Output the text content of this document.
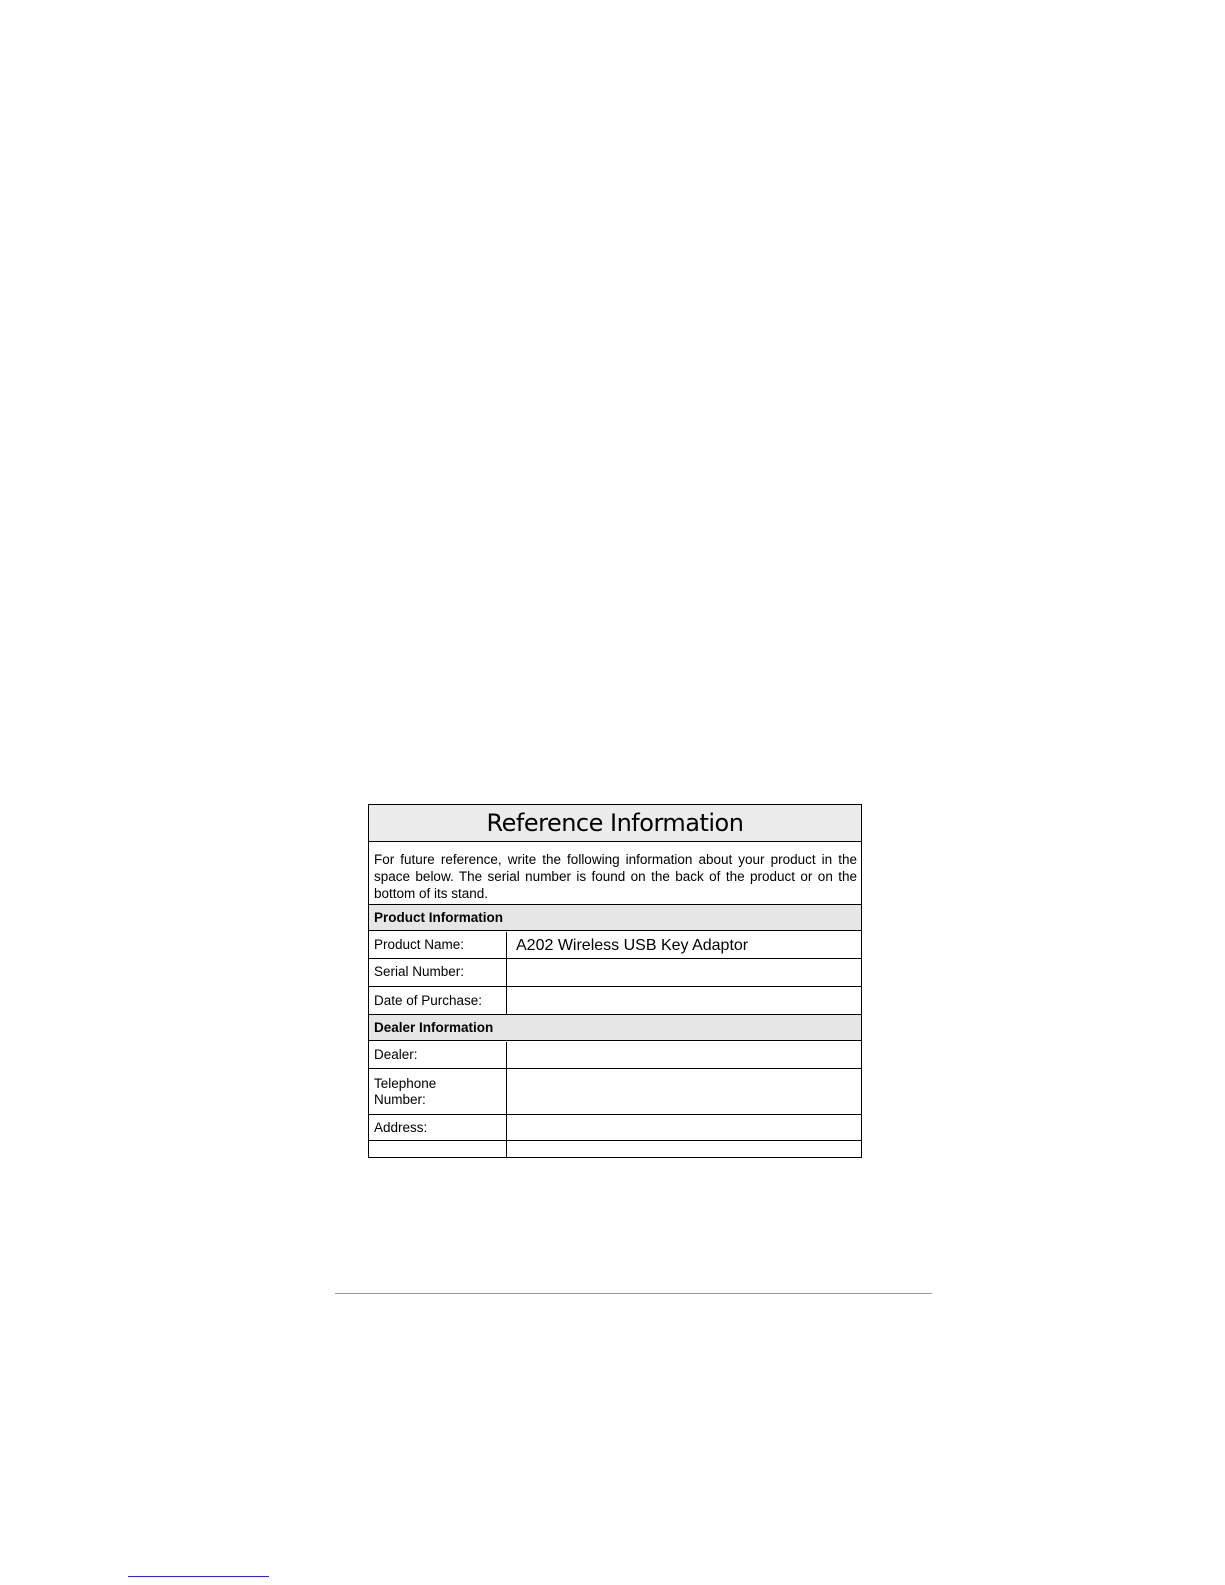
Reference Information
For future reference, write the following information about your product in the space below. The serial number is found on the back of the product or on the bottom of its stand.
Product Information
Product Name:	A202 Wireless USB Key Adaptor
Serial Number:
Date of Purchase:
Dealer Information
Dealer:
Telephone Number:
Address:
